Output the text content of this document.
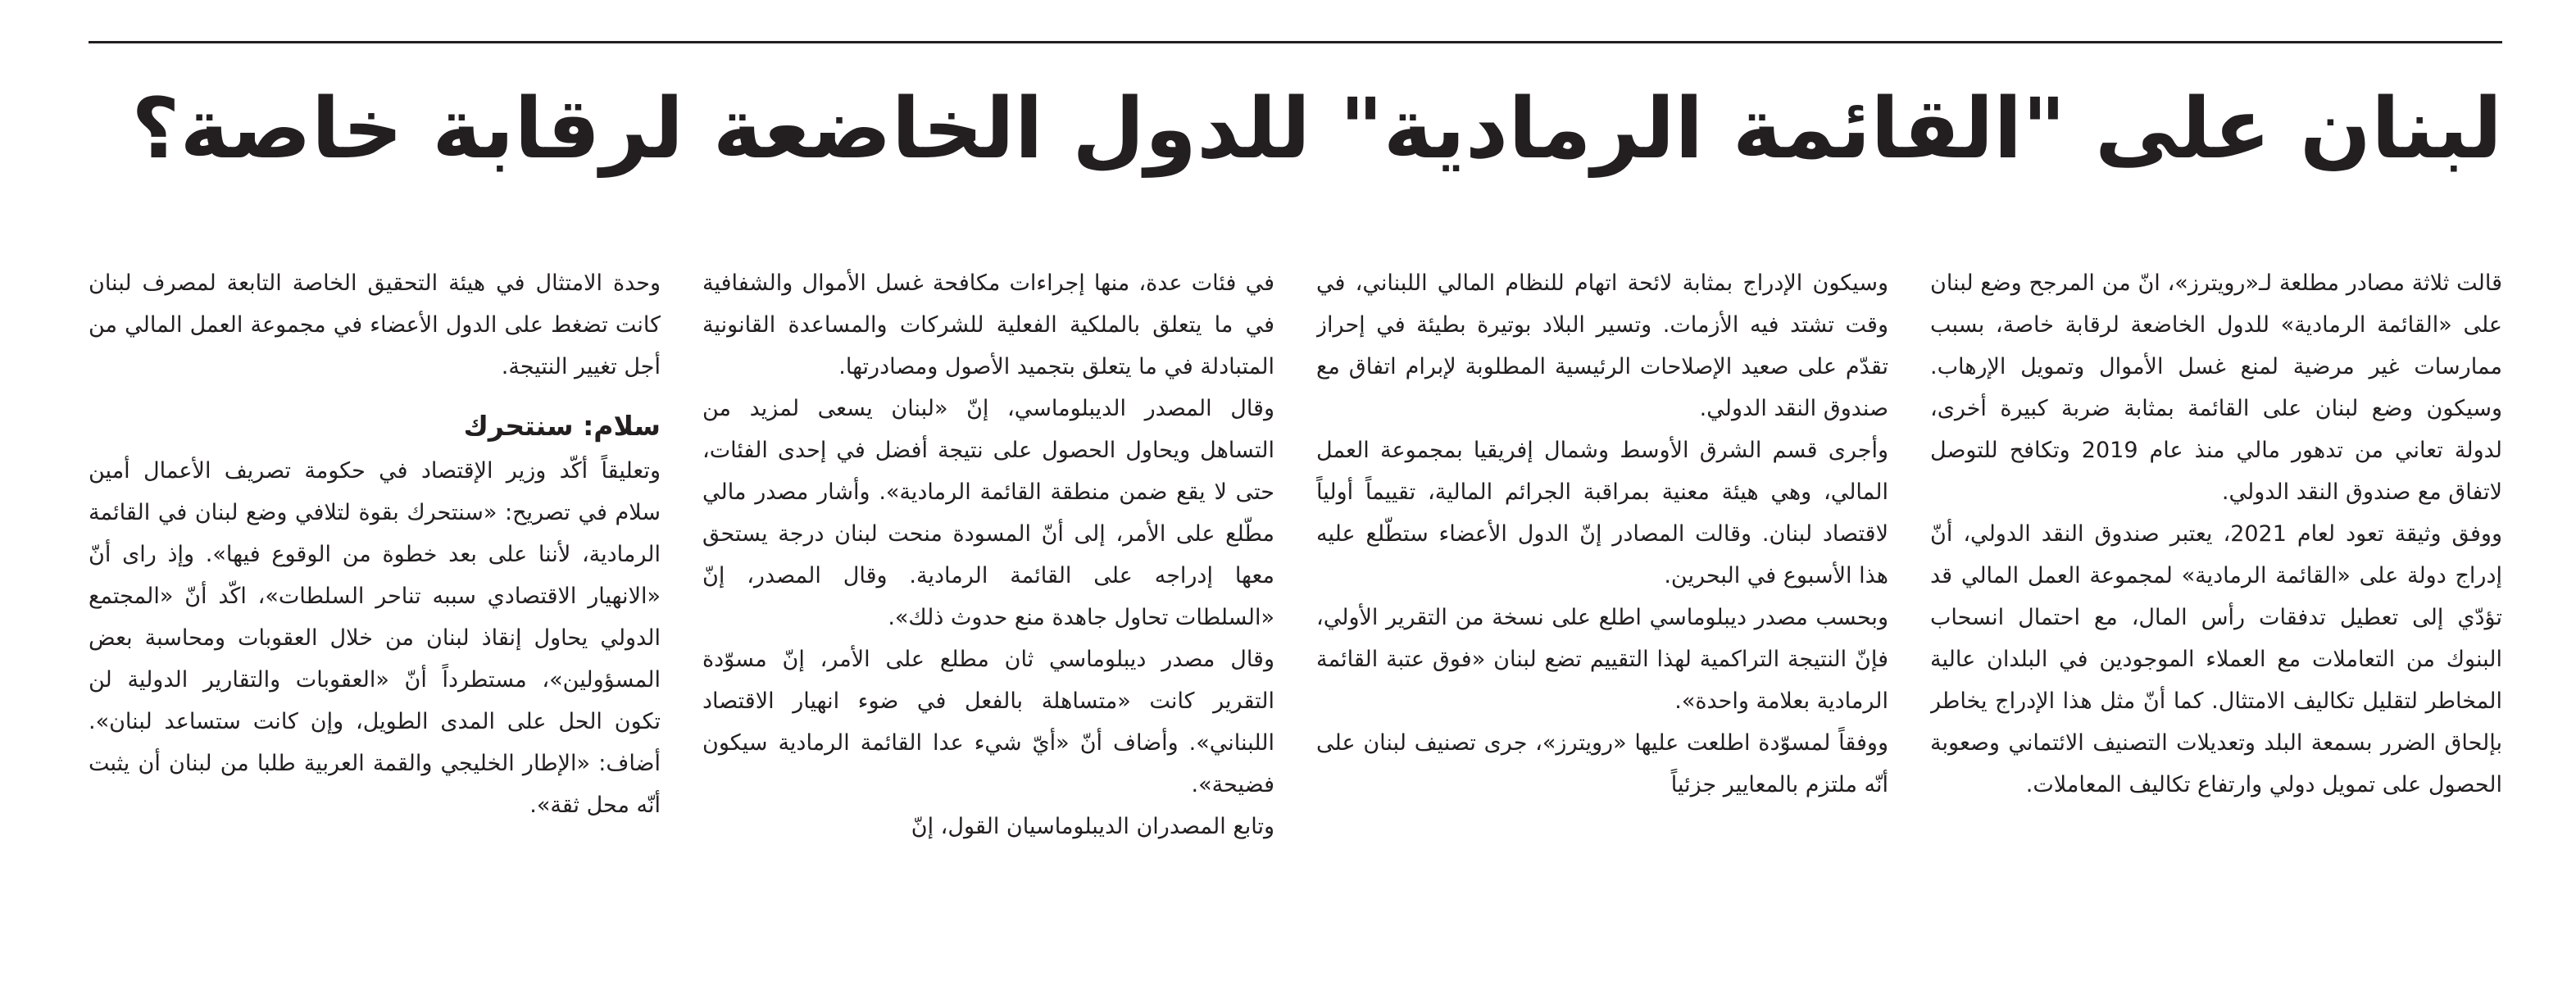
لبنان على "القائمة الرمادية" للدول الخاضعة لرقابة خاصة؟

قالت ثلاثة مصادر مطلعة لـ«رويترز»، انّ من المرجح وضع لبنان على «القائمة الرمادية» للدول الخاضعة لرقابة خاصة، بسبب ممارسات غير مرضية لمنع غسل الأموال وتمويل الإرهاب. وسيكون وضع لبنان على القائمة بمثابة ضربة كبيرة أخرى، لدولة تعاني من تدهور مالي منذ عام 2019 وتكافح للتوصل لاتفاق مع صندوق النقد الدولي.

ووفق وثيقة تعود لعام 2021، يعتبر صندوق النقد الدولي، أنّ إدراج دولة على «القائمة الرمادية» لمجموعة العمل المالي قد تؤدّي إلى تعطيل تدفقات رأس المال، مع احتمال انسحاب البنوك من التعاملات مع العملاء الموجودين في البلدان عالية المخاطر لتقليل تكاليف الامتثال. كما أنّ مثل هذا الإدراج يخاطر بإلحاق الضرر بسمعة البلد وتعديلات التصنيف الائتماني وصعوبة الحصول على تمويل دولي وارتفاع تكاليف المعاملات.

وسيكون الإدراج بمثابة لائحة اتهام للنظام المالي اللبناني، في وقت تشتد فيه الأزمات. وتسير البلاد بوتيرة بطيئة في إحراز تقدّم على صعيد الإصلاحات الرئيسية المطلوبة لإبرام اتفاق مع صندوق النقد الدولي.

وأجرى قسم الشرق الأوسط وشمال إفريقيا بمجموعة العمل المالي، وهي هيئة معنية بمراقبة الجرائم المالية، تقييماً أولياً لاقتصاد لبنان. وقالت المصادر إنّ الدول الأعضاء ستطّلع عليه هذا الأسبوع في البحرين.

وبحسب مصدر ديبلوماسي اطلع على نسخة من التقرير الأولي، فإنّ النتيجة التراكمية لهذا التقييم تضع لبنان «فوق عتبة القائمة الرمادية بعلامة واحدة».

ووفقاً لمسوّدة اطلعت عليها «رويترز»، جرى تصنيف لبنان على أنّه ملتزم بالمعايير جزئياً

في فئات عدة، منها إجراءات مكافحة غسل الأموال والشفافية في ما يتعلق بالملكية الفعلية للشركات والمساعدة القانونية المتبادلة في ما يتعلق بتجميد الأصول ومصادرتها.

وقال المصدر الديبلوماسي، إنّ «لبنان يسعى لمزيد من التساهل ويحاول الحصول على نتيجة أفضل في إحدى الفئات، حتى لا يقع ضمن منطقة القائمة الرمادية». وأشار مصدر مالي مطّلع على الأمر، إلى أنّ المسودة منحت لبنان درجة يستحق معها إدراجه على القائمة الرمادية. وقال المصدر، إنّ «السلطات تحاول جاهدة منع حدوث ذلك».

وقال مصدر ديبلوماسي ثان مطلع على الأمر، إنّ مسوّدة التقرير كانت «متساهلة بالفعل في ضوء انهيار الاقتصاد اللبناني». وأضاف أنّ «أيّ شيء عدا القائمة الرمادية سيكون فضيحة».

وتابع المصدران الديبلوماسيان القول، إنّ

وحدة الامتثال في هيئة التحقيق الخاصة التابعة لمصرف لبنان كانت تضغط على الدول الأعضاء في مجموعة العمل المالي من أجل تغيير النتيجة.

سلام: سنتحرك

وتعليقاً أكّد وزير الإقتصاد في حكومة تصريف الأعمال أمين سلام في تصريح: «سنتحرك بقوة لتلافي وضع لبنان في القائمة الرمادية، لأننا على بعد خطوة من الوقوع فيها». وإذ راى أنّ «الانهيار الاقتصادي سببه تناحر السلطات»، اكّد أنّ «المجتمع الدولي يحاول إنقاذ لبنان من خلال العقوبات ومحاسبة بعض المسؤولين»، مستطرداً أنّ «العقوبات والتقارير الدولية لن تكون الحل على المدى الطويل، وإن كانت ستساعد لبنان». أضاف: «الإطار الخليجي والقمة العربية طلبا من لبنان أن يثبت أنّه محل ثقة».
